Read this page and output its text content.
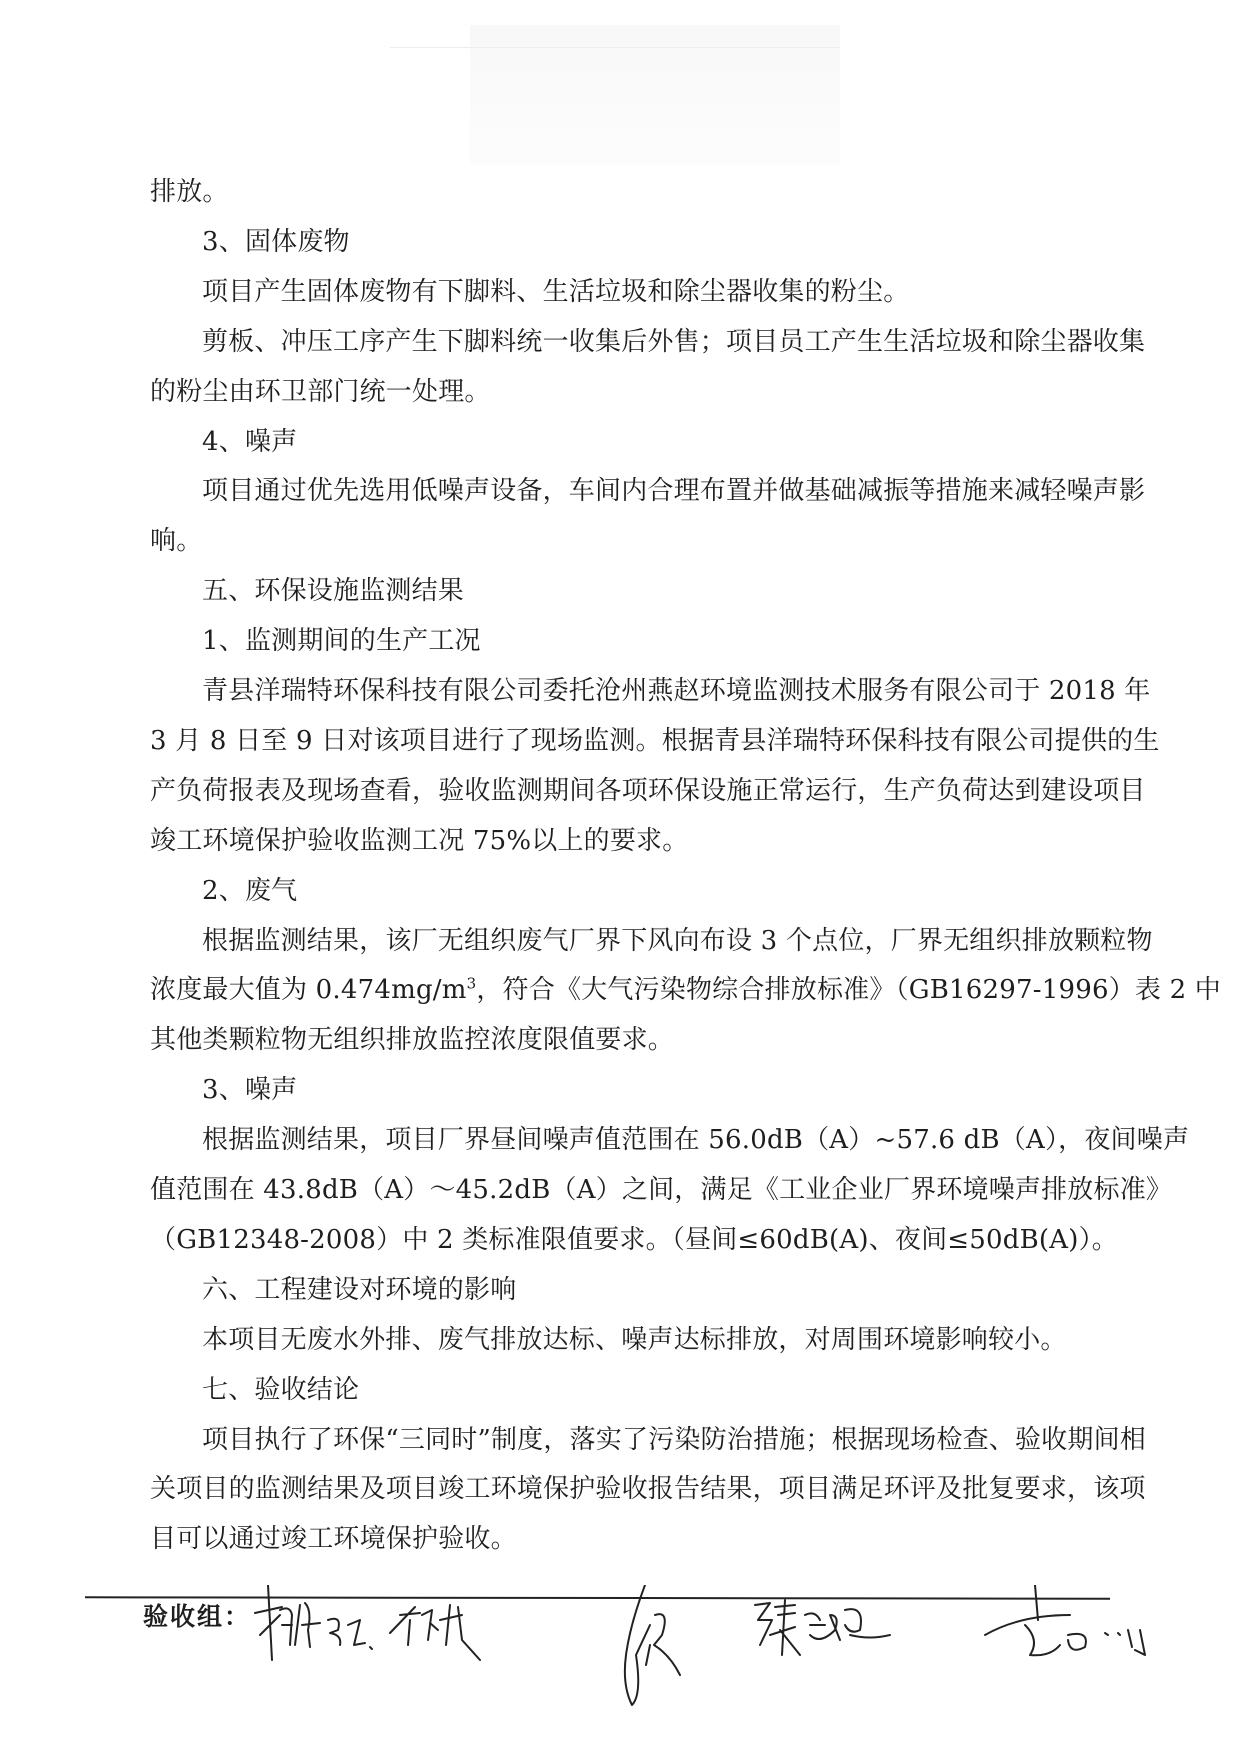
排放。
3、固体废物
项目产生固体废物有下脚料、生活垃圾和除尘器收集的粉尘。
剪板、冲压工序产生下脚料统一收集后外售；项目员工产生生活垃圾和除尘器收集
的粉尘由环卫部门统一处理。
4、噪声
项目通过优先选用低噪声设备，车间内合理布置并做基础减振等措施来减轻噪声影
响。
五、环保设施监测结果
1、监测期间的生产工况
青县洋瑞特环保科技有限公司委托沧州燕赵环境监测技术服务有限公司于 2018 年
3 月 8 日至 9 日对该项目进行了现场监测。根据青县洋瑞特环保科技有限公司提供的生
产负荷报表及现场查看，验收监测期间各项环保设施正常运行，生产负荷达到建设项目
竣工环境保护验收监测工况 75%以上的要求。
2、废气
根据监测结果，该厂无组织废气厂界下风向布设 3 个点位，厂界无组织排放颗粒物
浓度最大值为 $0.474mg/m^3$，符合《大气污染物综合排放标准》（GB16297-1996）表 2 中
其他类颗粒物无组织排放监控浓度限值要求。
3、噪声
根据监测结果，项目厂界昼间噪声值范围在 56.0dB（A）~57.6 dB（A），夜间噪声
值范围在 43.8dB（A）～45.2dB（A）之间，满足《工业企业厂界环境噪声排放标准》
（GB12348-2008）中 2 类标准限值要求。（昼间≤60dB(A)、夜间≤50dB(A)）。
六、工程建设对环境的影响
本项目无废水外排、废气排放达标、噪声达标排放，对周围环境影响较小。
七、验收结论
项目执行了环保“三同时”制度，落实了污染防治措施；根据现场检查、验收期间相
关项目的监测结果及项目竣工环境保护验收报告结果，项目满足环评及批复要求，该项
目可以通过竣工环境保护验收。
验收组：
